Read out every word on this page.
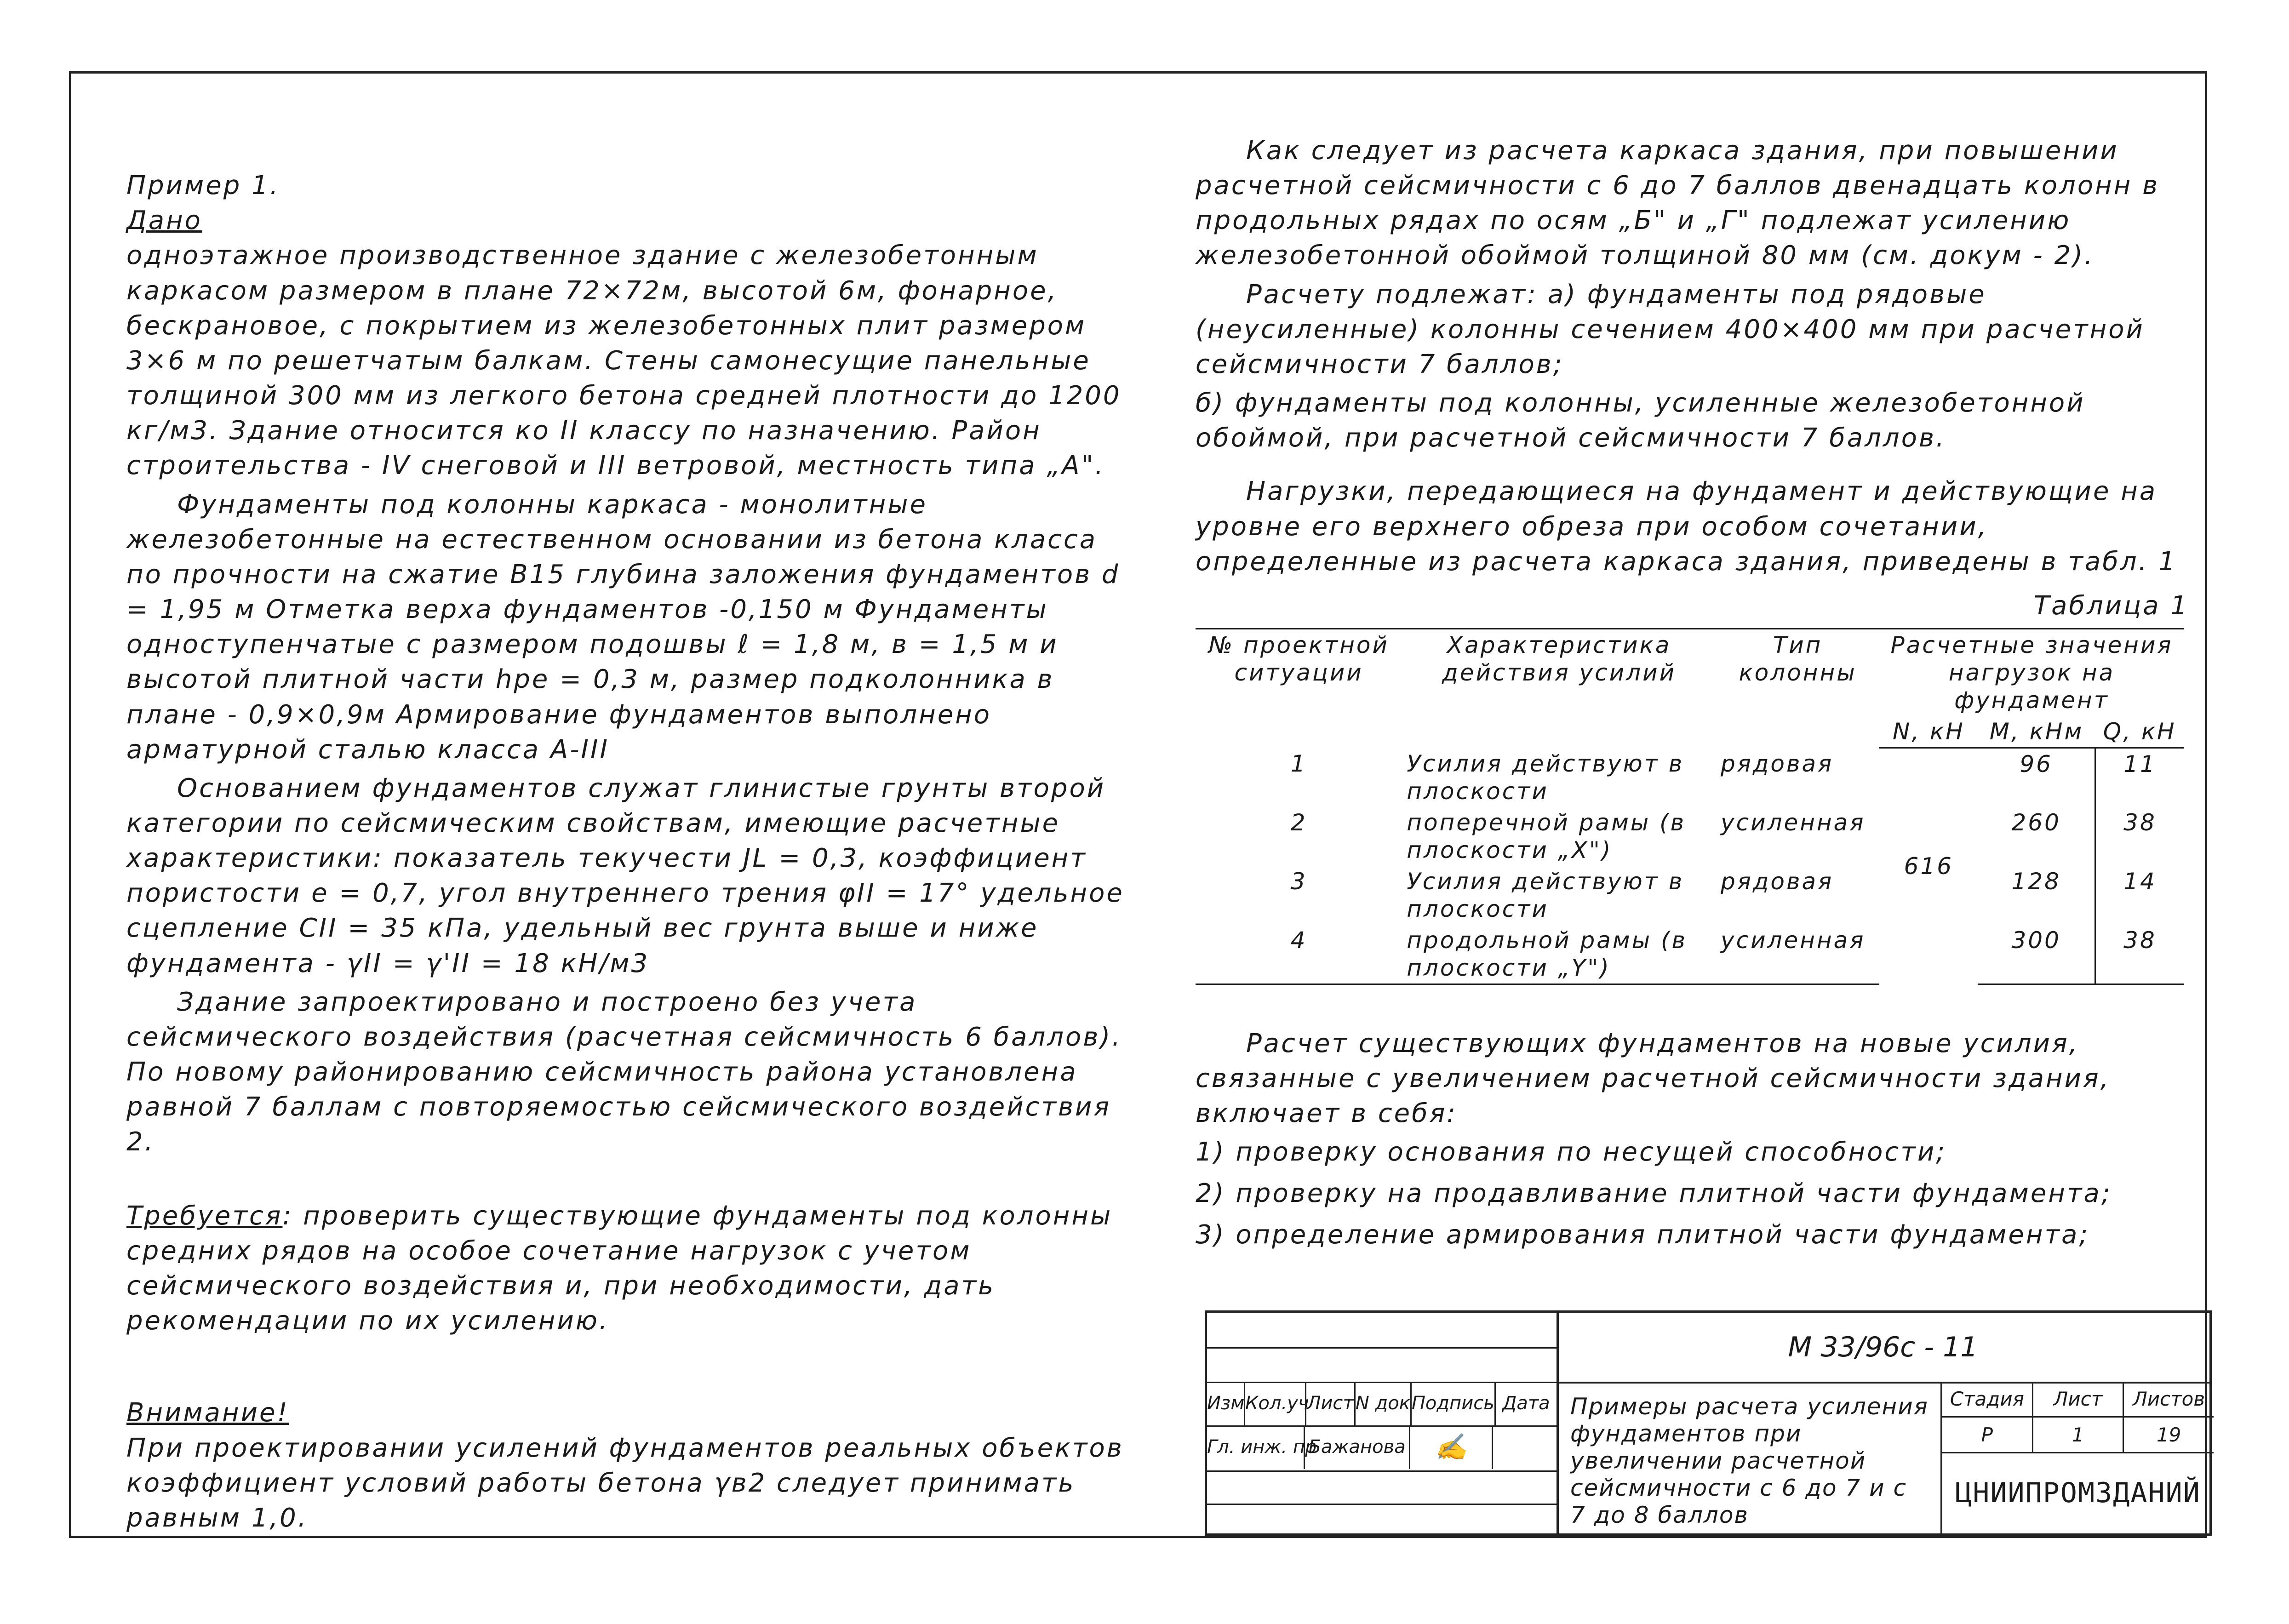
Пример 1.
Дано
одноэтажное производственное здание с железобетонным каркасом размером в плане 72×72м, высотой 6м, фонарное, бескрановое, с покрытием из железобетонных плит размером 3×6 м по решетчатым балкам. Стены самонесущие панельные толщиной 300 мм из легкого бетона средней плотности до 1200 кг/м3. Здание относится ко II классу по назначению. Район строительства - IV снеговой и III ветровой, местность типа „А".

Фундаменты под колонны каркаса - монолитные железобетонные на естественном основании из бетона класса по прочности на сжатие В15 глубина заложения фундаментов d = 1,95 м Отметка верха фундаментов -0,150 м Фундаменты одноступенчатые с размером подошвы ℓ = 1,8 м, в = 1,5 м и высотой плитной части hpe = 0,3 м, размер подколонника в плане - 0,9×0,9м Армирование фундаментов выполнено арматурной сталью класса А-III

Основанием фундаментов служат глинистые грунты второй категории по сейсмическим свойствам, имеющие расчетные характеристики: показатель текучести JL = 0,3, коэффициент пористости е = 0,7, угол внутреннего трения φII = 17° удельное сцепление CII = 35 кПа, удельный вес грунта выше и ниже фундамента - γII = γ'II = 18 кН/м3

Здание запроектировано и построено без учета сейсмического воздействия (расчетная сейсмичность 6 баллов). По новому районированию сейсмичность района установлена равной 7 баллам с повторяемостью сейсмического воздействия 2.

Требуется: проверить существующие фундаменты под колонны средних рядов на особое сочетание нагрузок с учетом сейсмического воздействия и, при необходимости, дать рекомендации по их усилению.

Внимание!
При проектировании усилений фундаментов реальных объектов коэффициент условий работы бетона γв2 следует принимать равным 1,0.

Как следует из расчета каркаса здания, при повышении расчетной сейсмичности с 6 до 7 баллов двенадцать колонн в продольных рядах по осям „Б" и „Г" подлежат усилению железобетонной обоймой толщиной 80 мм (см. докум - 2).

Расчету подлежат: а) фундаменты под рядовые (неусиленные) колонны сечением 400×400 мм при расчетной сейсмичности 7 баллов;

б) фундаменты под колонны, усиленные железобетонной обоймой, при расчетной сейсмичности 7 баллов.

Нагрузки, передающиеся на фундамент и действующие на уровне его верхнего обреза при особом сочетании, определенные из расчета каркаса здания, приведены в табл. 1

Таблица 1

№ проектной ситуации	Характеристика действия усилий	Тип колонны	Расчетные значения нагрузок на фундамент		
			N, кН	M, кНм	Q, кН
1	Усилия действуют в плоскости	рядовая	616	96	11
2	поперечной рамы (в плоскости „X")	усиленная		260	38
3	Усилия действуют в плоскости	рядовая		128	14
4	продольной рамы (в плоскости „Y")	усиленная		300	38

Расчет существующих фундаментов на новые усилия, связанные с увеличением расчетной сейсмичности здания, включает в себя:

1) проверку основания по несущей способности;
2) проверку на продавливание плитной части фундамента;
3) определение армирования плитной части фундамента;
Изм Кол.уч
Лист N док Подпись Дата
Гл. инж. пр
Бажанова	✍
М 33/96с - 11
Примеры расчета усиления фундаментов при увеличении расчетной сейсмичности с 6 до 7 и с 7 до 8 баллов
Стадия	Лист	Листов
Р	1	19
ЦНИИПРОМЗДАНИЙ
